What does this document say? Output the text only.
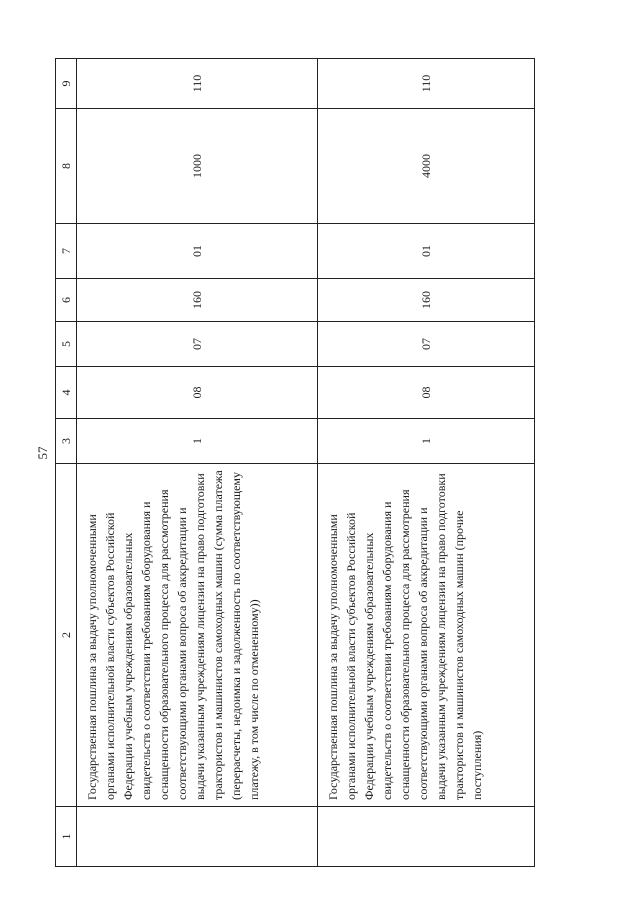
57
1	2	3	4	5	6	7	8	9

	Государственная пошлина за выдачу уполномоченными органами исполнительной власти субъектов Российской Федерации учебным учреждениям образовательных свидетельств о соответствии требованиям оборудования и оснащенности образовательного процесса для рассмотрения соответствующими органами вопроса об аккредитации и выдачи указанным учреждениям лицензии на право подготовки трактористов и машинистов самоходных машин (сумма платежа (перерасчеты, недоимка и задолженность по соответствующему платежу, в том числе по отмененному))	1	08	07	160	01	1000	110

	Государственная пошлина за выдачу уполномоченными органами исполнительной власти субъектов Российской Федерации учебным учреждениям образовательных свидетельств о соответствии требованиям оборудования и оснащенности образовательного процесса для рассмотрения соответствующими органами вопроса об аккредитации и выдачи указанным учреждениям лицензии на право подготовки трактористов и машинистов самоходных машин (прочие поступления)	1	08	07	160	01	4000	110
